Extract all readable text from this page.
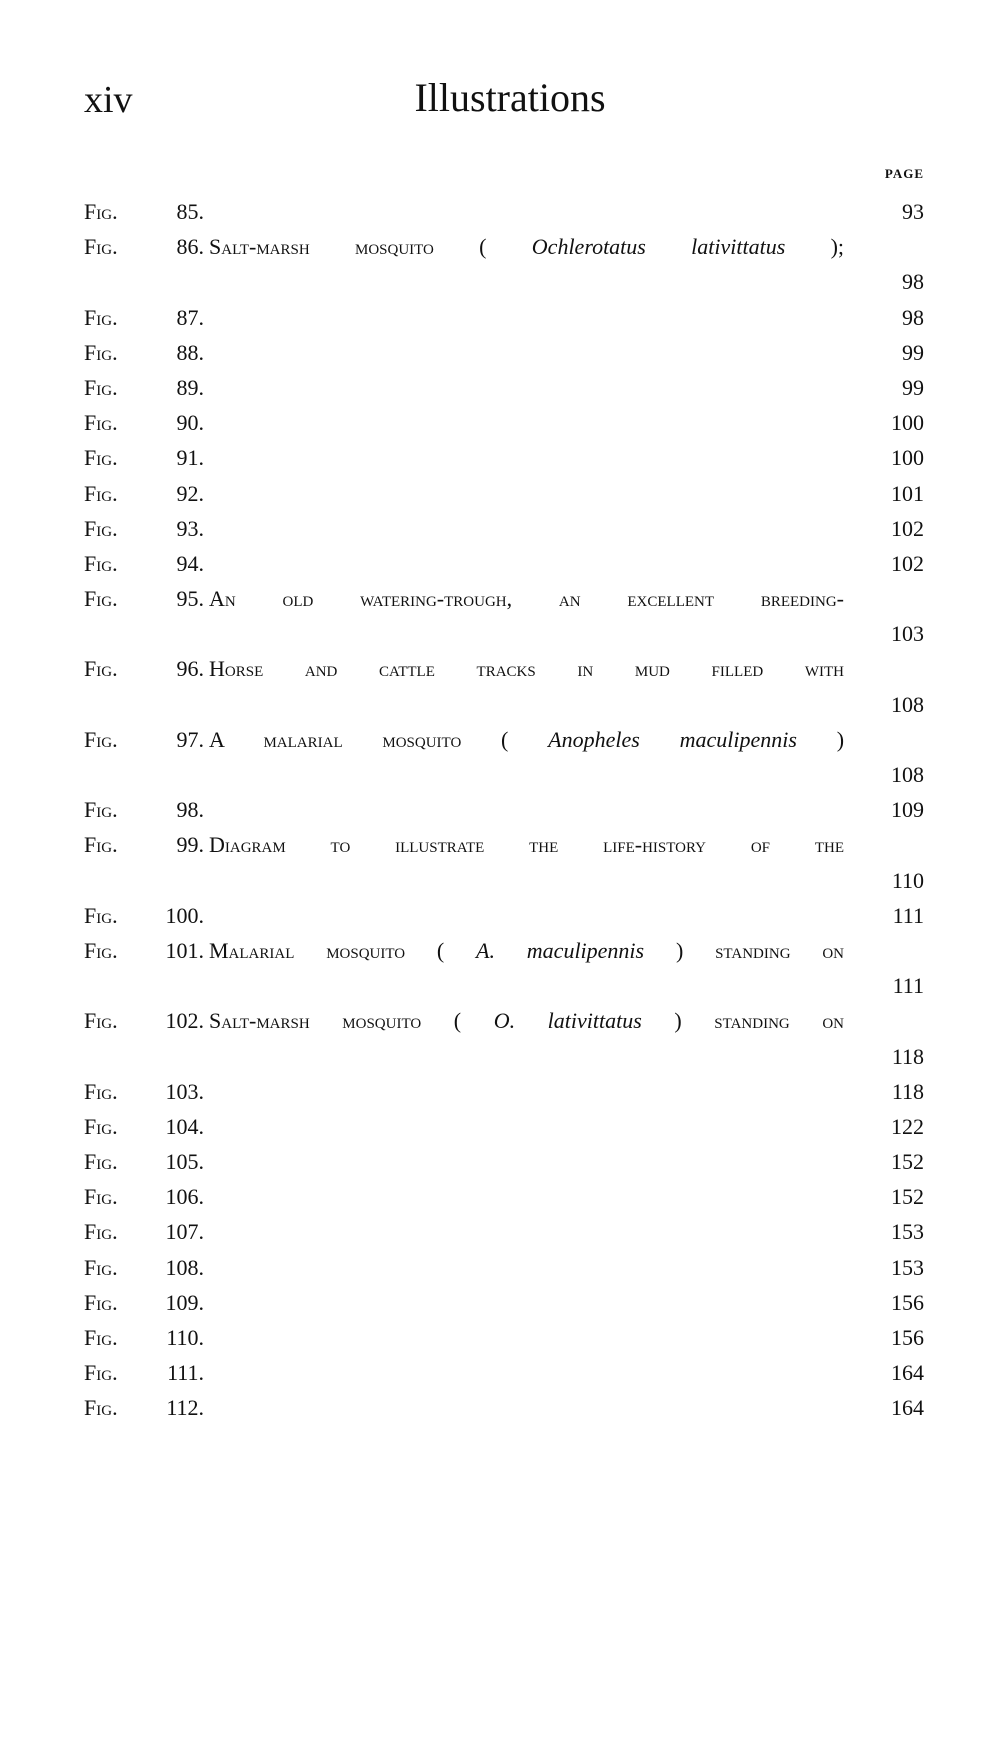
xiv	Illustrations
PAGE
Fig.	85.	93
Fig.	86. Salt-marsh mosquito ( Ochlerotatus lativittatus );
98
Fig.	87.	98
Fig.	88.	99
Fig.	89.	99
Fig.	90.	100
Fig.	91.	100
Fig.	92.	101
Fig.	93.	102
Fig.	94.	102
Fig.	95. An old watering-trough, an excellent breeding-
103
Fig.	96. Horse and cattle tracks in mud filled with
108
Fig.	97. A malarial mosquito ( Anopheles maculipennis )
108
Fig.	98.	109
Fig.	99. Diagram to illustrate the life-history of the
110
Fig. 100.	111
Fig. 101. Malarial mosquito ( A. maculipennis ) standing on
111
Fig. 102. Salt-marsh mosquito ( O. lativittatus ) standing on
118
Fig. 103.	118
Fig. 104.	122
Fig. 105.	152
Fig. 106.	152
Fig. 107.	153
Fig. 108.	153
Fig. 109.	156
Fig. 110.	156
Fig. 111.	164
Fig. 112.	164
